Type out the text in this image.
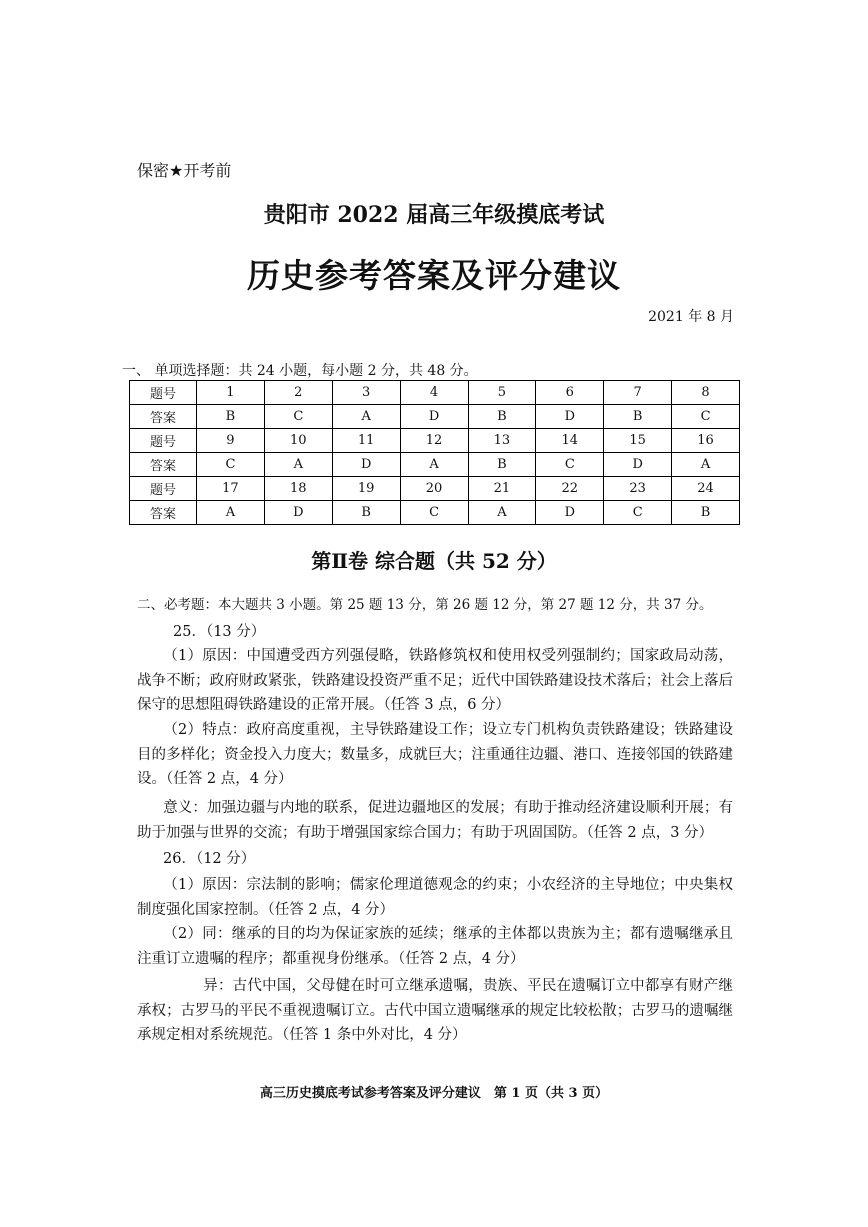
保密★开考前
贵阳市 2022 届高三年级摸底考试
历史参考答案及评分建议
2021 年 8 月
一、 单项选择题：共 24 小题，每小题 2 分，共 48 分。
题号	1	2	3	4	5	6	7	8
答案	B	C	A	D	B	D	B	C
题号	9	10	11	12	13	14	15	16
答案	C	A	D	A	B	C	D	A
题号	17	18	19	20	21	22	23	24
答案	A	D	B	C	A	D	C	B
第Ⅱ卷 综合题（共 52 分）
二、必考题：本大题共 3 小题。第 25 题 13 分，第 26 题 12 分，第 27 题 12 分，共 37 分。
25．（13 分）
（1）原因：中国遭受西方列强侵略，铁路修筑权和使用权受列强制约；国家政局动荡，战争不断；政府财政紧张，铁路建设投资严重不足；近代中国铁路建设技术落后；社会上落后保守的思想阻碍铁路建设的正常开展。（任答 3 点，6 分）
（2）特点：政府高度重视，主导铁路建设工作；设立专门机构负责铁路建设；铁路建设目的多样化；资金投入力度大；数量多，成就巨大；注重通往边疆、港口、连接邻国的铁路建设。（任答 2 点，4 分）
意义：加强边疆与内地的联系，促进边疆地区的发展；有助于推动经济建设顺利开展；有助于加强与世界的交流；有助于增强国家综合国力；有助于巩固国防。（任答 2 点，3 分）
26．（12 分）
（1）原因：宗法制的影响；儒家伦理道德观念的约束；小农经济的主导地位；中央集权制度强化国家控制。（任答 2 点，4 分）
（2）同：继承的目的均为保证家族的延续；继承的主体都以贵族为主；都有遗嘱继承且注重订立遗嘱的程序；都重视身份继承。（任答 2 点，4 分）
异：古代中国，父母健在时可立继承遗嘱，贵族、平民在遗嘱订立中都享有财产继承权；古罗马的平民不重视遗嘱订立。古代中国立遗嘱继承的规定比较松散；古罗马的遗嘱继承规定相对系统规范。（任答 1 条中外对比，4 分）
高三历史摸底考试参考答案及评分建议　第 1 页（共 3 页）
